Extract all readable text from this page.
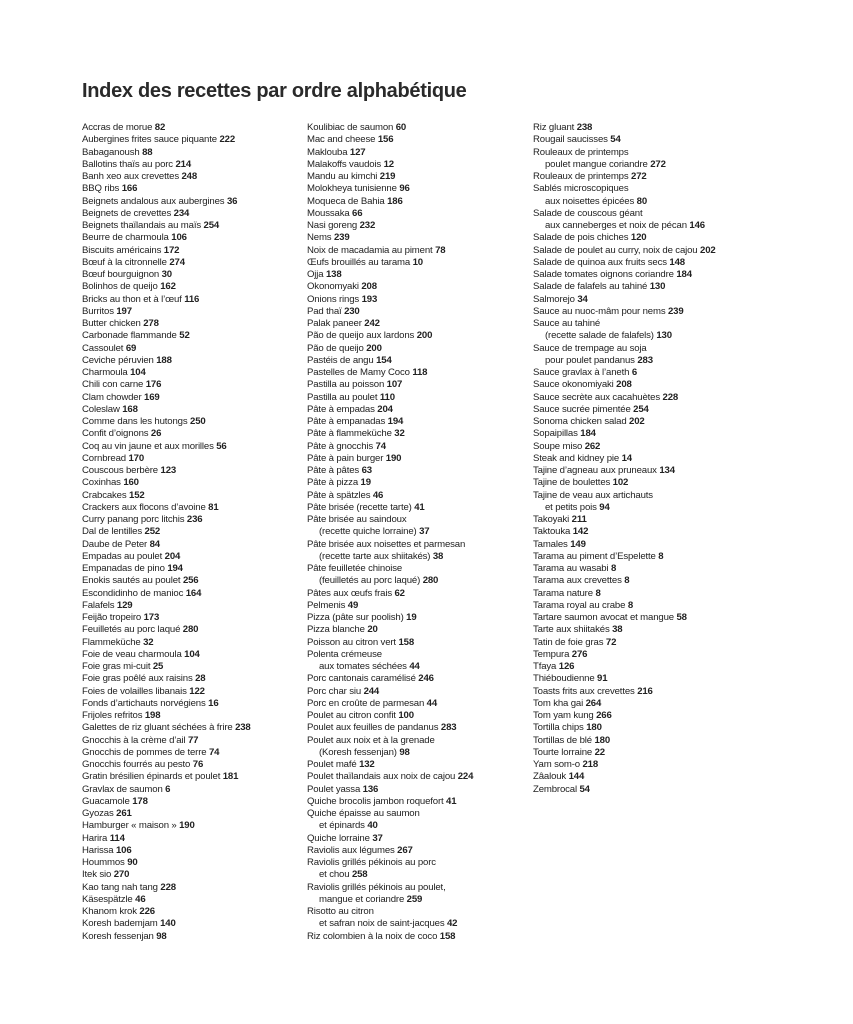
Index des recettes par ordre alphabétique
Accras de morue 82
Aubergines frites sauce piquante 222
Babaganoush 88
Ballotins thaïs au porc 214
Banh xeo aux crevettes 248
BBQ ribs 166
Beignets andalous aux aubergines 36
Beignets de crevettes 234
Beignets thaïlandais au maïs 254
Beurre de charmoula 106
Biscuits américains 172
Bœuf à la citronnelle 274
Bœuf bourguignon 30
Bolinhos de queijo 162
Bricks au thon et à l’œuf 116
Burritos 197
Butter chicken 278
Carbonade flammande 52
Cassoulet 69
Ceviche péruvien 188
Charmoula 104
Chili con carne 176
Clam chowder 169
Coleslaw 168
Comme dans les hutongs 250
Confit d’oignons 26
Coq au vin jaune et aux morilles 56
Cornbread 170
Couscous berbère 123
Coxinhas 160
Crabcakes 152
Crackers aux flocons d’avoine 81
Curry panang porc litchis 236
Dal de lentilles 252
Daube de Peter 84
Empadas au poulet 204
Empanadas de pino 194
Enokis sautés au poulet 256
Escondidinho de manioc 164
Falafels 129
Feijão tropeiro 173
Feuilletés au porc laqué 280
Flammeküche 32
Foie de veau charmoula 104
Foie gras mi-cuit 25
Foie gras poêlé aux raisins 28
Foies de volailles libanais 122
Fonds d’artichauts norvégiens 16
Frijoles refritos 198
Galettes de riz gluant séchées à frire 238
Gnocchis à la crème d’ail 77
Gnocchis de pommes de terre 74
Gnocchis fourrés au pesto 76
Gratin brésilien épinards et poulet 181
Gravlax de saumon 6
Guacamole 178
Gyozas 261
Hamburger « maison » 190
Harira 114
Harissa 106
Hoummos 90
Itek sio 270
Kao tang nah tang 228
Käsespätzle 46
Khanom krok 226
Koresh bademjam 140
Koresh fessenjan 98
Koulibiac de saumon 60
Mac and cheese 156
Maklouba 127
Malakoffs vaudois 12
Mandu au kimchi 219
Molokheya tunisienne 96
Moqueca de Bahia 186
Moussaka 66
Nasi goreng 232
Nems 239
Noix de macadamia au piment 78
Œufs brouillés au tarama 10
Ojja 138
Okonomyaki 208
Onions rings 193
Pad thaï 230
Palak paneer 242
Pão de queijo aux lardons 200
Pão de queijo 200
Pastéis de angu 154
Pastelles de Mamy Coco 118
Pastilla au poisson 107
Pastilla au poulet 110
Pâte à empadas 204
Pâte à empanadas 194
Pâte à flammeküche 32
Pâte à gnocchis 74
Pâte à pain burger 190
Pâte à pâtes 63
Pâte à pizza 19
Pâte à spätzles 46
Pâte brisée (recette tarte) 41
Pâte brisée au saindoux
(recette quiche lorraine) 37
Pâte brisée aux noisettes et parmesan
(recette tarte aux shiitakés) 38
Pâte feuilletée chinoise
(feuilletés au porc laqué) 280
Pâtes aux œufs frais 62
Pelmenis 49
Pizza (pâte sur poolish) 19
Pizza blanche 20
Poisson au citron vert 158
Polenta crémeuse
aux tomates séchées 44
Porc cantonais caramélisé 246
Porc char siu 244
Porc en croûte de parmesan 44
Poulet au citron confit 100
Poulet aux feuilles de pandanus 283
Poulet aux noix et à la grenade
(Koresh fessenjan) 98
Poulet mafé 132
Poulet thaïlandais aux noix de cajou 224
Poulet yassa 136
Quiche brocolis jambon roquefort 41
Quiche épaisse au saumon
et épinards 40
Quiche lorraine 37
Raviolis aux légumes 267
Raviolis grillés pékinois au porc
et chou 258
Raviolis grillés pékinois au poulet,
mangue et coriandre 259
Risotto au citron
et safran noix de saint-jacques 42
Riz colombien à la noix de coco 158
Riz gluant 238
Rougail saucisses 54
Rouleaux de printemps
poulet mangue coriandre 272
Rouleaux de printemps 272
Sablés microscopiques
aux noisettes épicées 80
Salade de couscous géant
aux canneberges et noix de pécan 146
Salade de pois chiches 120
Salade de poulet au curry, noix de cajou 202
Salade de quinoa aux fruits secs 148
Salade tomates oignons coriandre 184
Salade de falafels au tahiné 130
Salmorejo 34
Sauce au nuoc-mâm pour nems 239
Sauce au tahiné
(recette salade de falafels) 130
Sauce de trempage au soja
pour poulet pandanus 283
Sauce gravlax à l’aneth 6
Sauce okonomiyaki 208
Sauce secrète aux cacahuètes 228
Sauce sucrée pimentée 254
Sonoma chicken salad 202
Sopaipillas 184
Soupe miso 262
Steak and kidney pie 14
Tajine d’agneau aux pruneaux 134
Tajine de boulettes 102
Tajine de veau aux artichauts
et petits pois 94
Takoyaki 211
Taktouka 142
Tamales 149
Tarama au piment d’Espelette 8
Tarama au wasabi 8
Tarama aux crevettes 8
Tarama nature 8
Tarama royal au crabe 8
Tartare saumon avocat et mangue 58
Tarte aux shiitakés 38
Tatin de foie gras 72
Tempura 276
Tfaya 126
Thiéboudienne 91
Toasts frits aux crevettes 216
Tom kha gai 264
Tom yam kung 266
Tortilla chips 180
Tortillas de blé 180
Tourte lorraine 22
Yam som-o 218
Zâalouk 144
Zembrocal 54
